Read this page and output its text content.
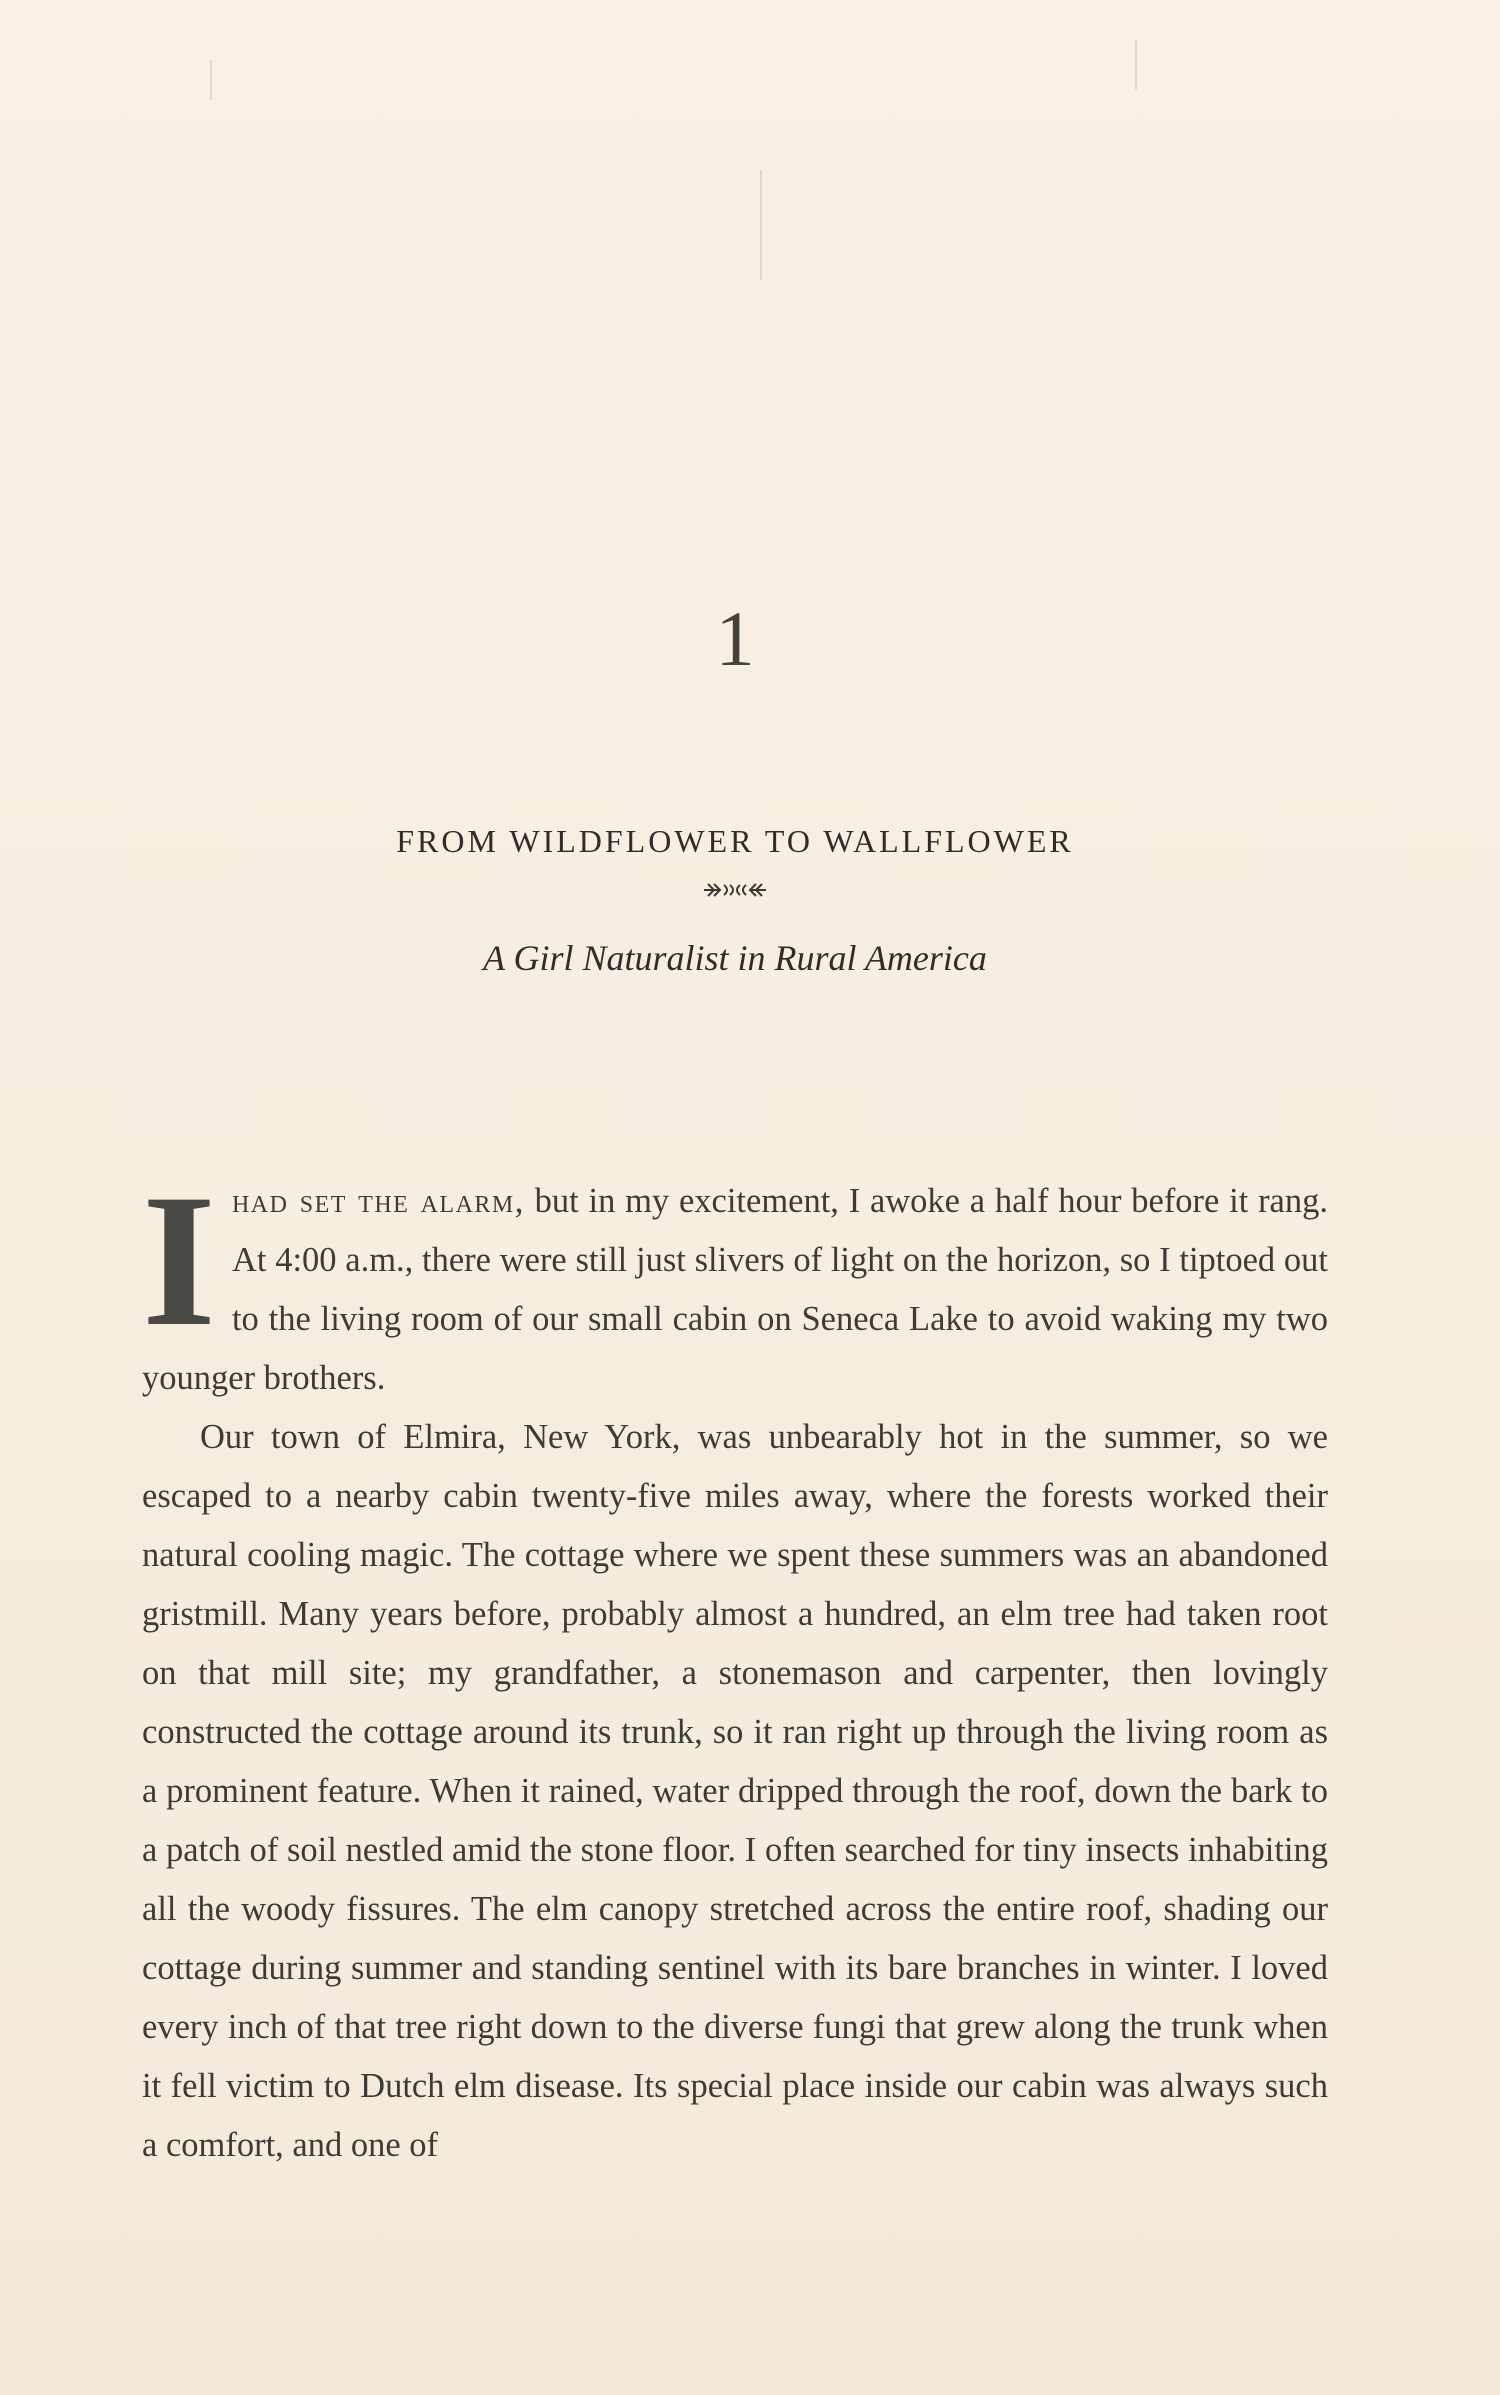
1
FROM WILDFLOWER TO WALLFLOWER
A Girl Naturalist in Rural America

Ihad set the alarm, but in my excitement, I awoke a half hour before it rang. At 4:00 a.m., there were still just slivers of light on the horizon, so I tiptoed out to the living room of our small cabin on Seneca Lake to avoid waking my two younger brothers.

Our town of Elmira, New York, was unbearably hot in the summer, so we escaped to a nearby cabin twenty-five miles away, where the forests worked their natural cooling magic. The cottage where we spent these summers was an abandoned gristmill. Many years before, probably almost a hundred, an elm tree had taken root on that mill site; my grandfather, a stonemason and carpenter, then lovingly constructed the cottage around its trunk, so it ran right up through the living room as a prominent feature. When it rained, water dripped through the roof, down the bark to a patch of soil nestled amid the stone floor. I often searched for tiny insects inhabiting all the woody fissures. The elm canopy stretched across the entire roof, shading our cottage during summer and standing sentinel with its bare branches in winter. I loved every inch of that tree right down to the diverse fungi that grew along the trunk when it fell victim to Dutch elm disease. Its special place inside our cabin was always such a comfort, and one of
